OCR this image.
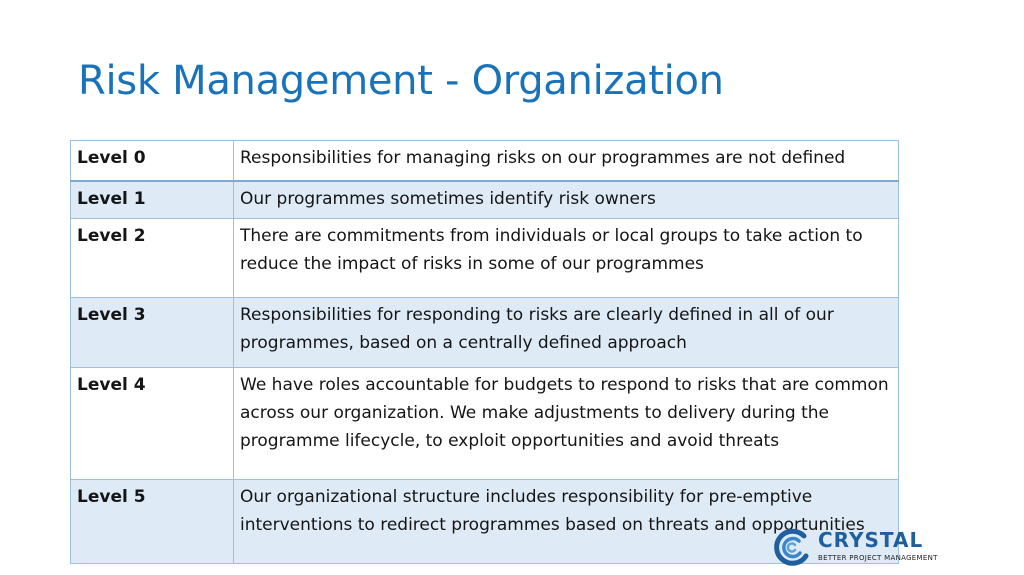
Risk Management - Organization
Level 0	Responsibilities for managing risks on our programmes are not defined
Level 1	Our programmes sometimes identify risk owners
Level 2	There are commitments from individuals or local groups to take action to reduce the impact of risks in some of our programmes
Level 3	Responsibilities for responding to risks are clearly defined in all of our programmes, based on a centrally defined approach
Level 4	We have roles accountable for budgets to respond to risks that are common across our organization. We make adjustments to delivery during the programme lifecycle, to exploit opportunities and avoid threats
Level 5	Our organizational structure includes responsibility for pre-emptive interventions to redirect programmes based on threats and opportunities
CRYSTAL
BETTER PROJECT MANAGEMENT
